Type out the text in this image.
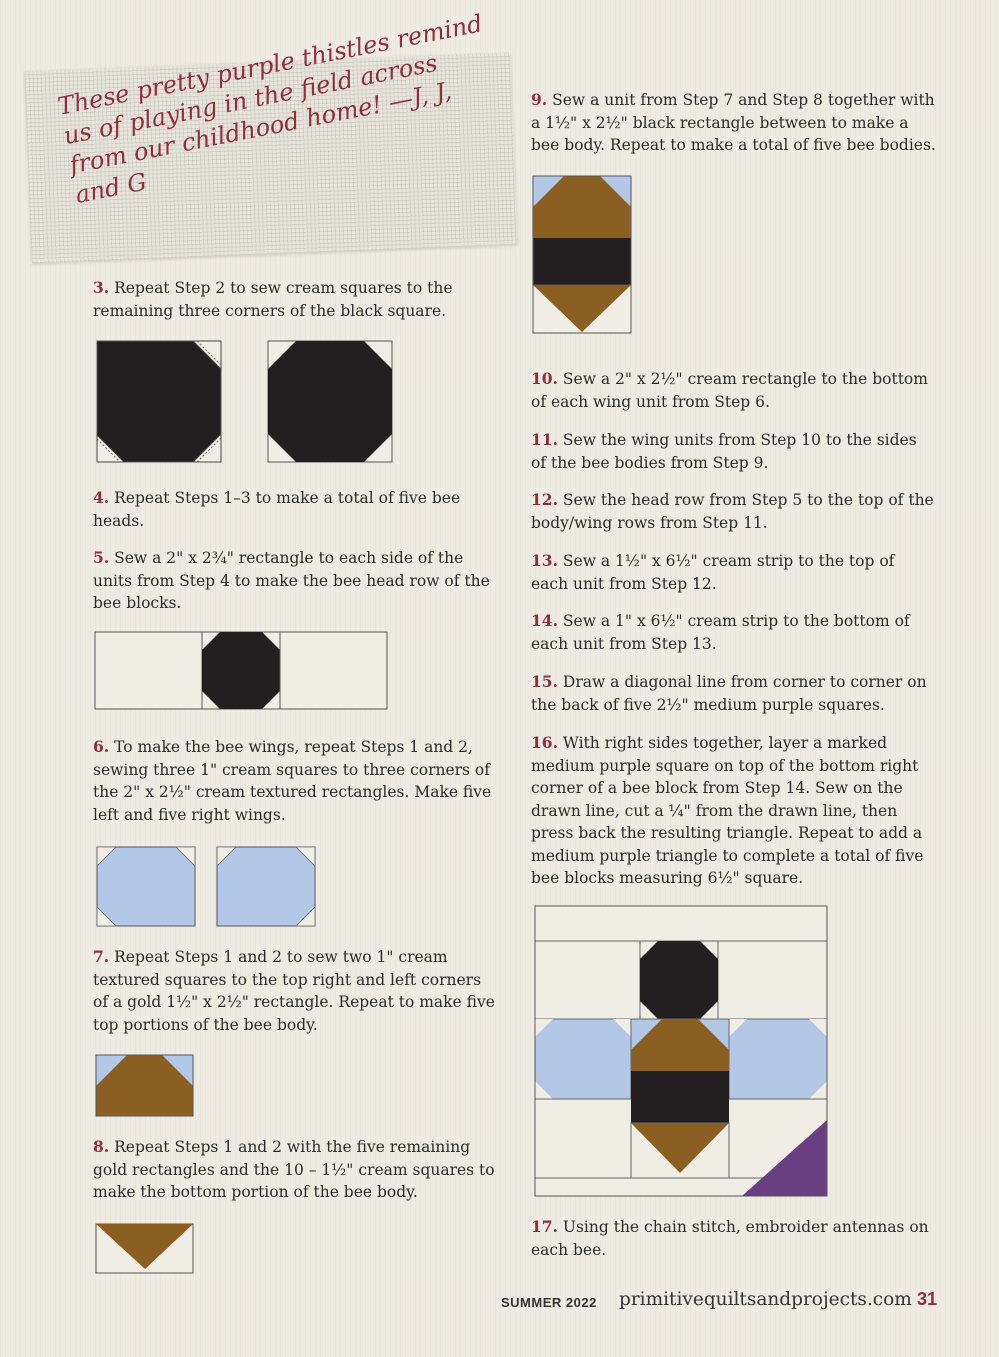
These pretty purple thistles remind us of playing in the field across from our childhood home! —J, J, and G
3. Repeat Step 2 to sew cream squares to the remaining three corners of the black square.
4. Repeat Steps 1–3 to make a total of five bee heads.
5. Sew a 2" x 2¾" rectangle to each side of the units from Step 4 to make the bee head row of the bee blocks.
6. To make the bee wings, repeat Steps 1 and 2, sewing three 1" cream squares to three corners of the 2" x 2½" cream textured rectangles. Make five left and five right wings.
7. Repeat Steps 1 and 2 to sew two 1" cream textured squares to the top right and left corners of a gold 1½" x 2½" rectangle. Repeat to make five top portions of the bee body.
8. Repeat Steps 1 and 2 with the five remaining gold rectangles and the 10 – 1½" cream squares to make the bottom portion of the bee body.
9. Sew a unit from Step 7 and Step 8 together with a 1½" x 2½" black rectangle between to make a bee body. Repeat to make a total of five bee bodies.
10. Sew a 2" x 2½" cream rectangle to the bottom of each wing unit from Step 6.
11. Sew the wing units from Step 10 to the sides of the bee bodies from Step 9.
12. Sew the head row from Step 5 to the top of the body/wing rows from Step 11.
13. Sew a 1½" x 6½" cream strip to the top of each unit from Step 12.
14. Sew a 1" x 6½" cream strip to the bottom of each unit from Step 13.
15. Draw a diagonal line from corner to corner on the back of five 2½" medium purple squares.
16. With right sides together, layer a marked medium purple square on top of the bottom right corner of a bee block from Step 14. Sew on the drawn line, cut a ¼" from the drawn line, then press back the resulting triangle. Repeat to add a medium purple triangle to complete a total of five bee blocks measuring 6½" square.
17. Using the chain stitch, embroider antennas on each bee.
SUMMER 2022 primitivequiltsandprojects.com 31
